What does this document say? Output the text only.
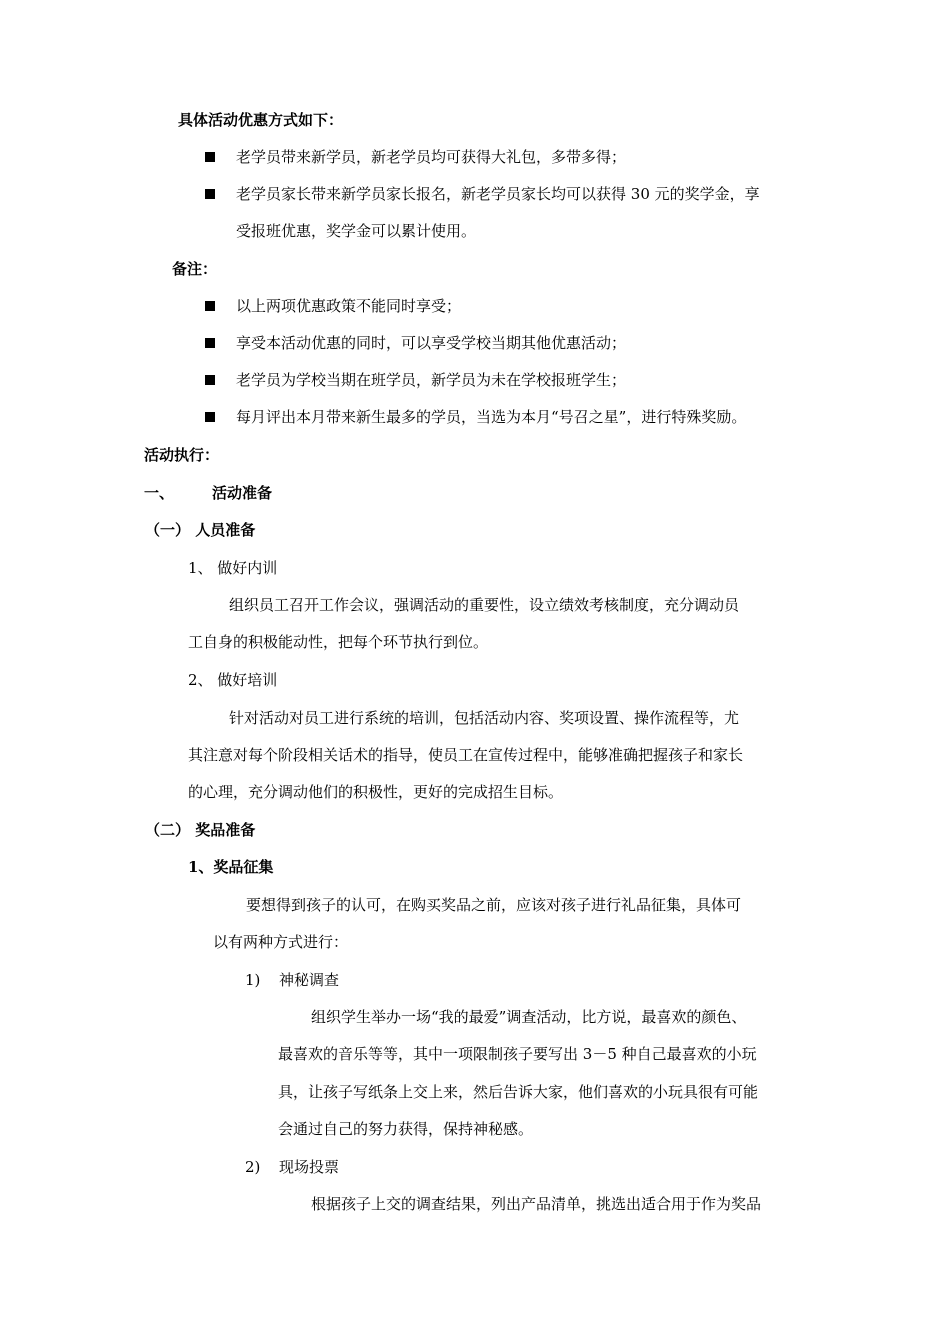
具体活动优惠方式如下：
老学员带来新学员，新老学员均可获得大礼包，多带多得；
老学员家长带来新学员家长报名，新老学员家长均可以获得 30 元的奖学金，享
受报班优惠，奖学金可以累计使用。
备注：
以上两项优惠政策不能同时享受；
享受本活动优惠的同时，可以享受学校当期其他优惠活动；
老学员为学校当期在班学员，新学员为未在学校报班学生；
每月评出本月带来新生最多的学员，当选为本月“号召之星”，进行特殊奖励。
活动执行：
一、	活动准备
（一） 人员准备
1、 做好内训
组织员工召开工作会议，强调活动的重要性，设立绩效考核制度，充分调动员
工自身的积极能动性，把每个环节执行到位。
2、 做好培训
针对活动对员工进行系统的培训，包括活动内容、奖项设置、操作流程等，尤
其注意对每个阶段相关话术的指导，使员工在宣传过程中，能够准确把握孩子和家长
的心理，充分调动他们的积极性，更好的完成招生目标。
（二） 奖品准备
1、奖品征集
要想得到孩子的认可，在购买奖品之前，应该对孩子进行礼品征集，具体可
以有两种方式进行：
1) 神秘调查
组织学生举办一场“我的最爱”调查活动，比方说，最喜欢的颜色、
最喜欢的音乐等等，其中一项限制孩子要写出 3－5 种自己最喜欢的小玩
具，让孩子写纸条上交上来，然后告诉大家，他们喜欢的小玩具很有可能
会通过自己的努力获得，保持神秘感。
2) 现场投票
根据孩子上交的调查结果，列出产品清单，挑选出适合用于作为奖品
